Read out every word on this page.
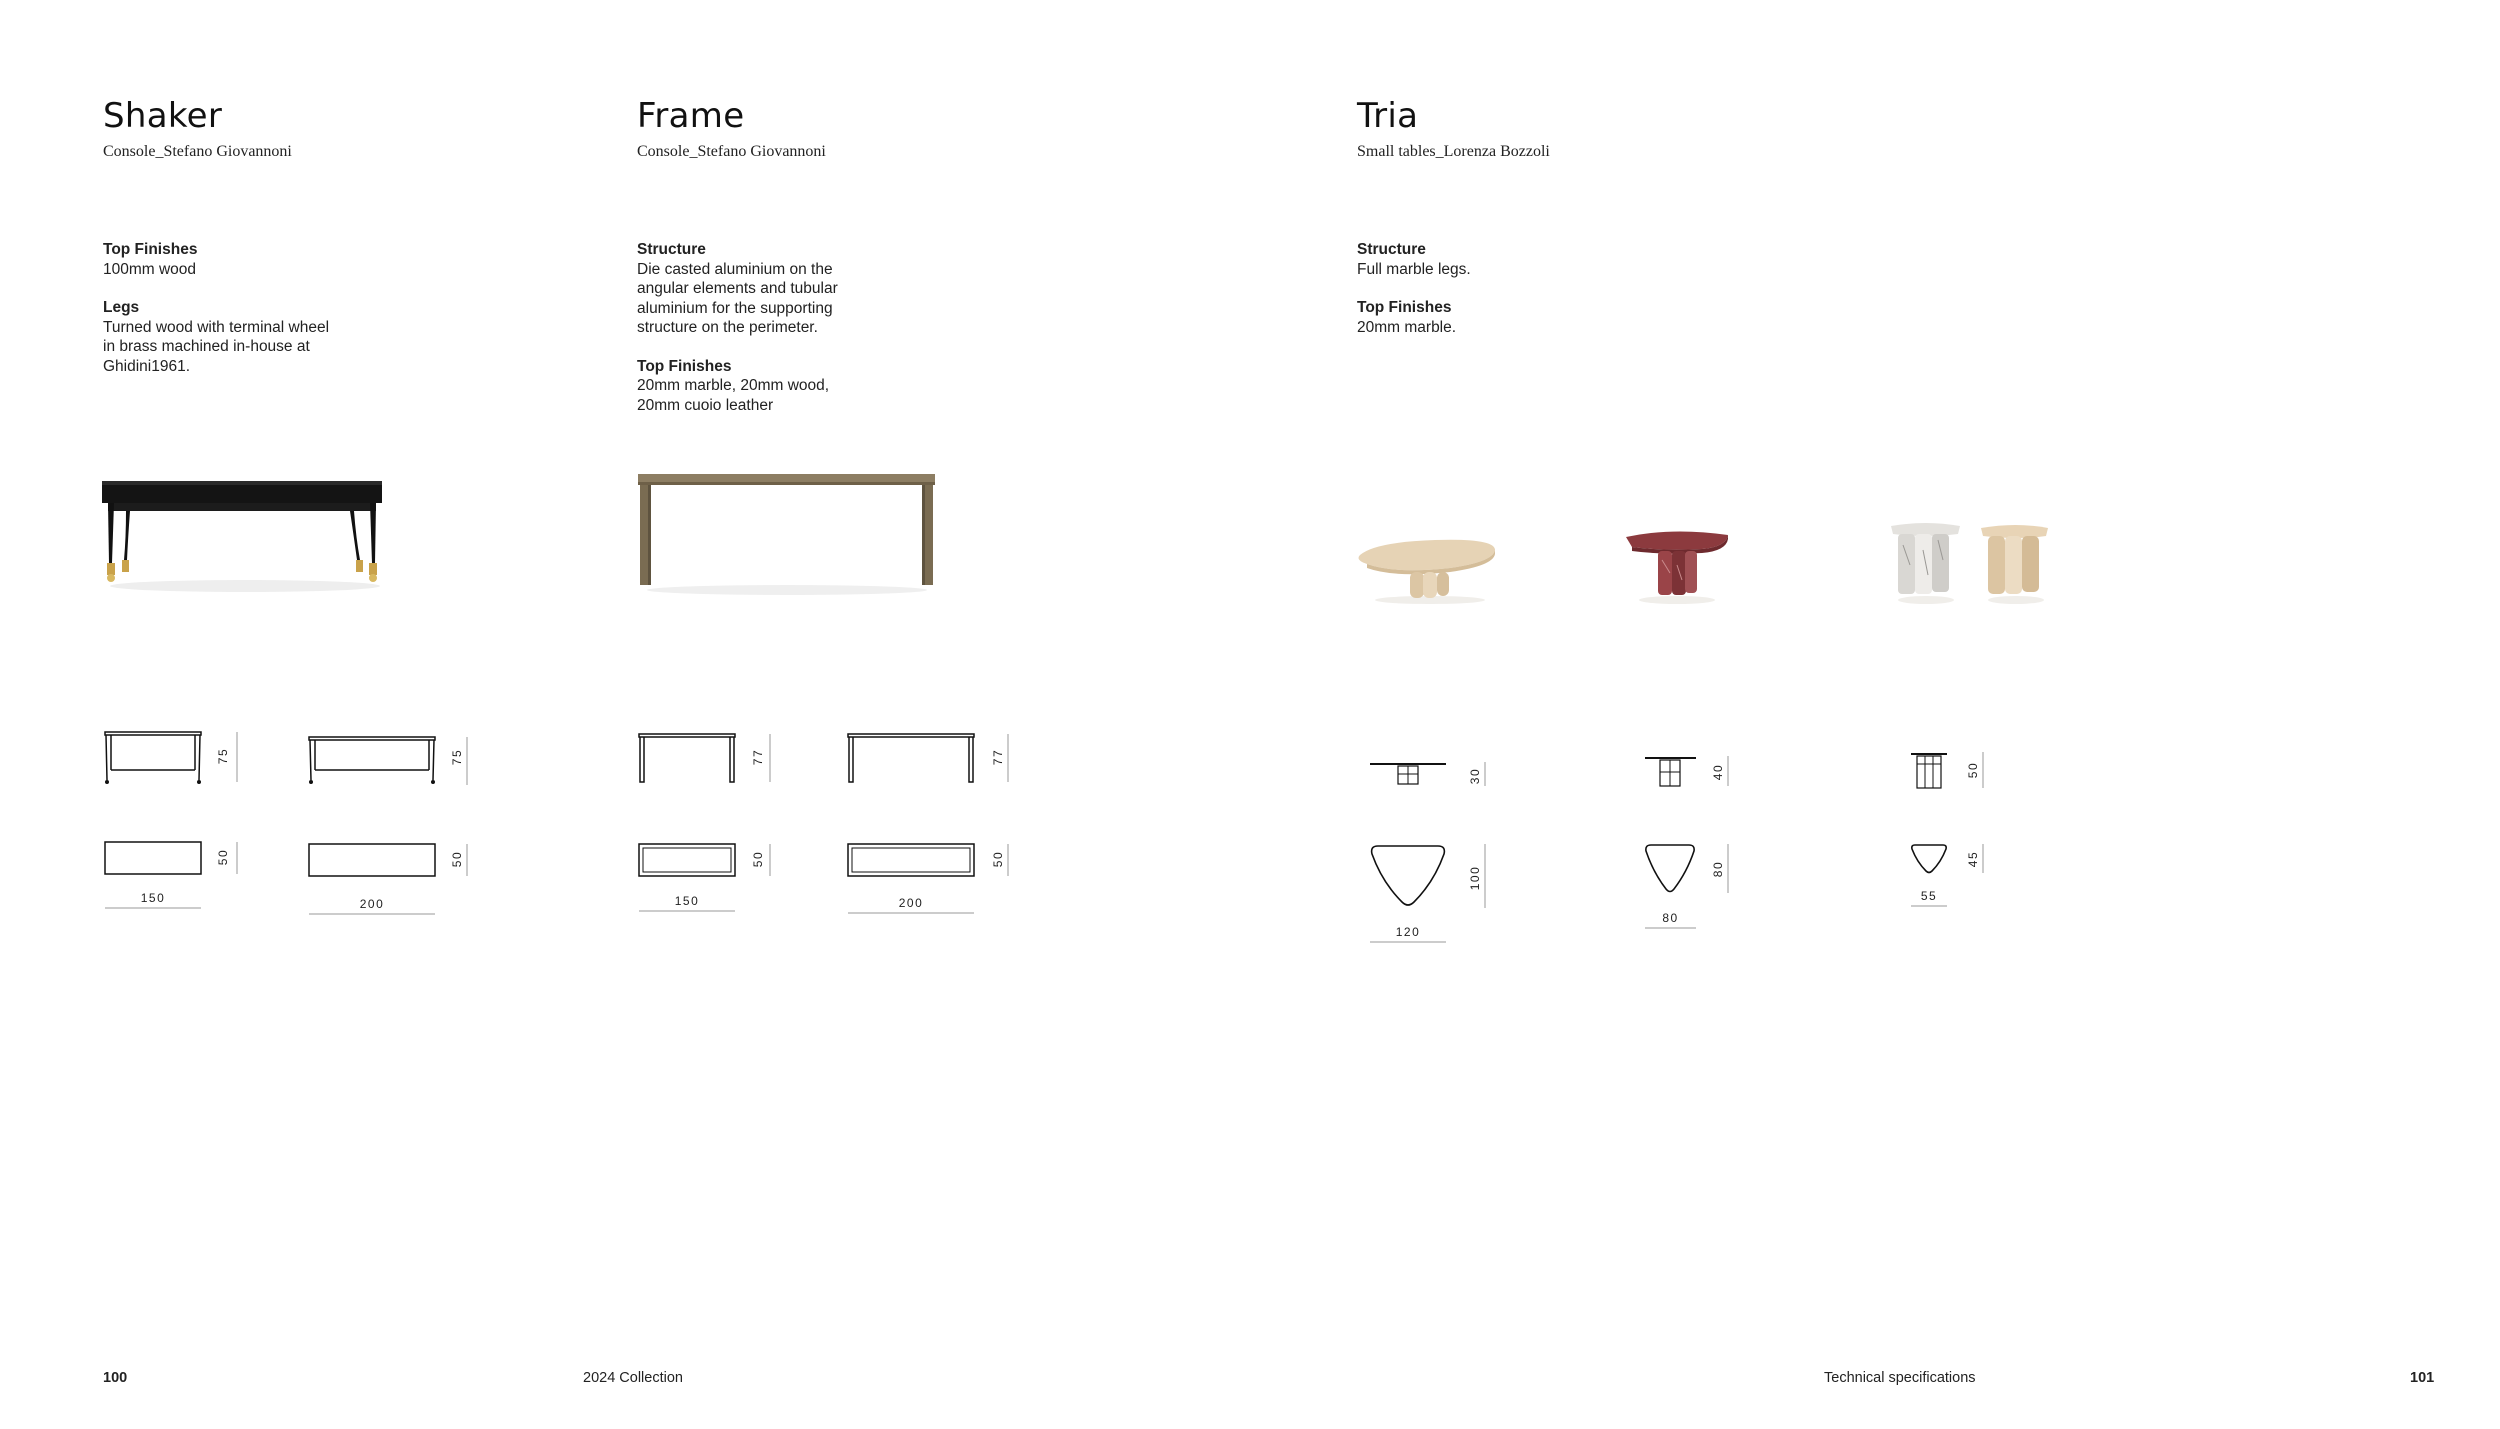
Shaker
Console_Stefano Giovannoni
Top Finishes
100mm wood
Legs
Turned wood with terminal wheel
in brass machined in-house at
Ghidini1961.
75	75
50
150
50
200
Frame
Console_Stefano Giovannoni
Structure
Die casted aluminium on the
angular elements and tubular
aluminium for the supporting
structure on the perimeter.
Top Finishes
20mm marble, 20mm wood,
20mm cuoio leather
77	77
50
150
50
200
Tria
Small tables_Lorenza Bozzoli
Structure
Full marble legs.
Top Finishes
20mm marble.
30	40	50
100
120
80
80
45
55
100	2024 Collection	Technical specifications	101
